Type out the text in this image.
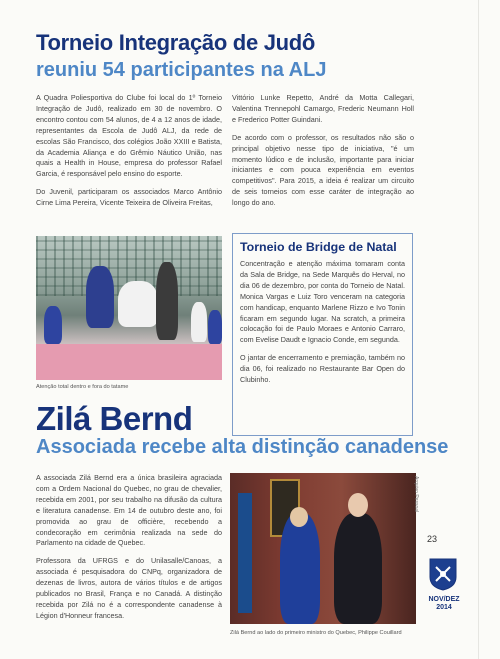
Torneio Integração de Judô
reuniu 54 participantes na ALJ

A Quadra Poliesportiva do Clube foi local do 1º Torneio Integração de Judô, realizado em 30 de novembro. O encontro contou com 54 alunos, de 4 a 12 anos de idade, representantes da Escola de Judô ALJ, da rede de escolas São Francisco, dos colégios João XXIII e Batista, da Academia Aliança e do Grêmio Náutico União, nas quais a Health in House, empresa do professor Rafael Garcia, é responsável pelo ensino do esporte.

Do Juvenil, participaram os associados Marco Antônio Cirne Lima Pereira, Vicente Teixeira de Oliveira Freitas,

Vittório Lunke Repetto, André da Motta Callegari, Valentina Trennepohl Camargo, Frederic Neumann Holl e Frederico Potter Guindani.

De acordo com o professor, os resultados não são o principal objetivo nesse tipo de iniciativa, "é um momento lúdico e de inclusão, importante para iniciar iniciantes e com pouca experiência em eventos competitivos". Para 2015, a ideia é realizar um circuito de seis torneios com esse caráter de integração ao longo do ano.

Atenção total dentro e fora do tatame
Torneio de Bridge de Natal

Concentração e atenção máxima tomaram conta da Sala de Bridge, na Sede Marquês do Herval, no dia 06 de dezembro, por conta do Torneio de Natal. Monica Vargas e Luiz Toro venceram na categoria com handicap, enquanto Marlene Rizzo e Ivo Tonin ficaram em segundo lugar. Na scratch, a primeira colocação foi de Paulo Moraes e Antonio Carraro, com Evelise Daudt e Ignacio Conde, em segunda.

O jantar de encerramento e premiação, também no dia 06, foi realizado no Restaurante Bar Open do Clubinho.

Zilá Bernd
Associada recebe alta distinção canadense

A associada Zilá Bernd era a única brasileira agraciada com a Ordem Nacional do Quebec, no grau de chevalier, recebida em 2001, por seu trabalho na difusão da cultura e literatura canadense. Em 14 de outubro deste ano, foi promovida ao grau de officière, recebendo a condecoração em cerimônia realizada na sede do Parlamento na cidade de Quebec.

Professora da UFRGS e do Unilasalle/Canoas, a associada é pesquisadora do CNPq, organizadora de dezenas de livros, autora de vários títulos e de artigos publicados no Brasil, França e no Canadá. A distinção recebida por Zilá no é a correspondente canadense à Légion d'Honneur francesa.

Arquivo Pessoal
Zilá Bernd ao lado do primeiro ministro do Quebec, Philippe Couillard
23
NOV/DEZ
2014
